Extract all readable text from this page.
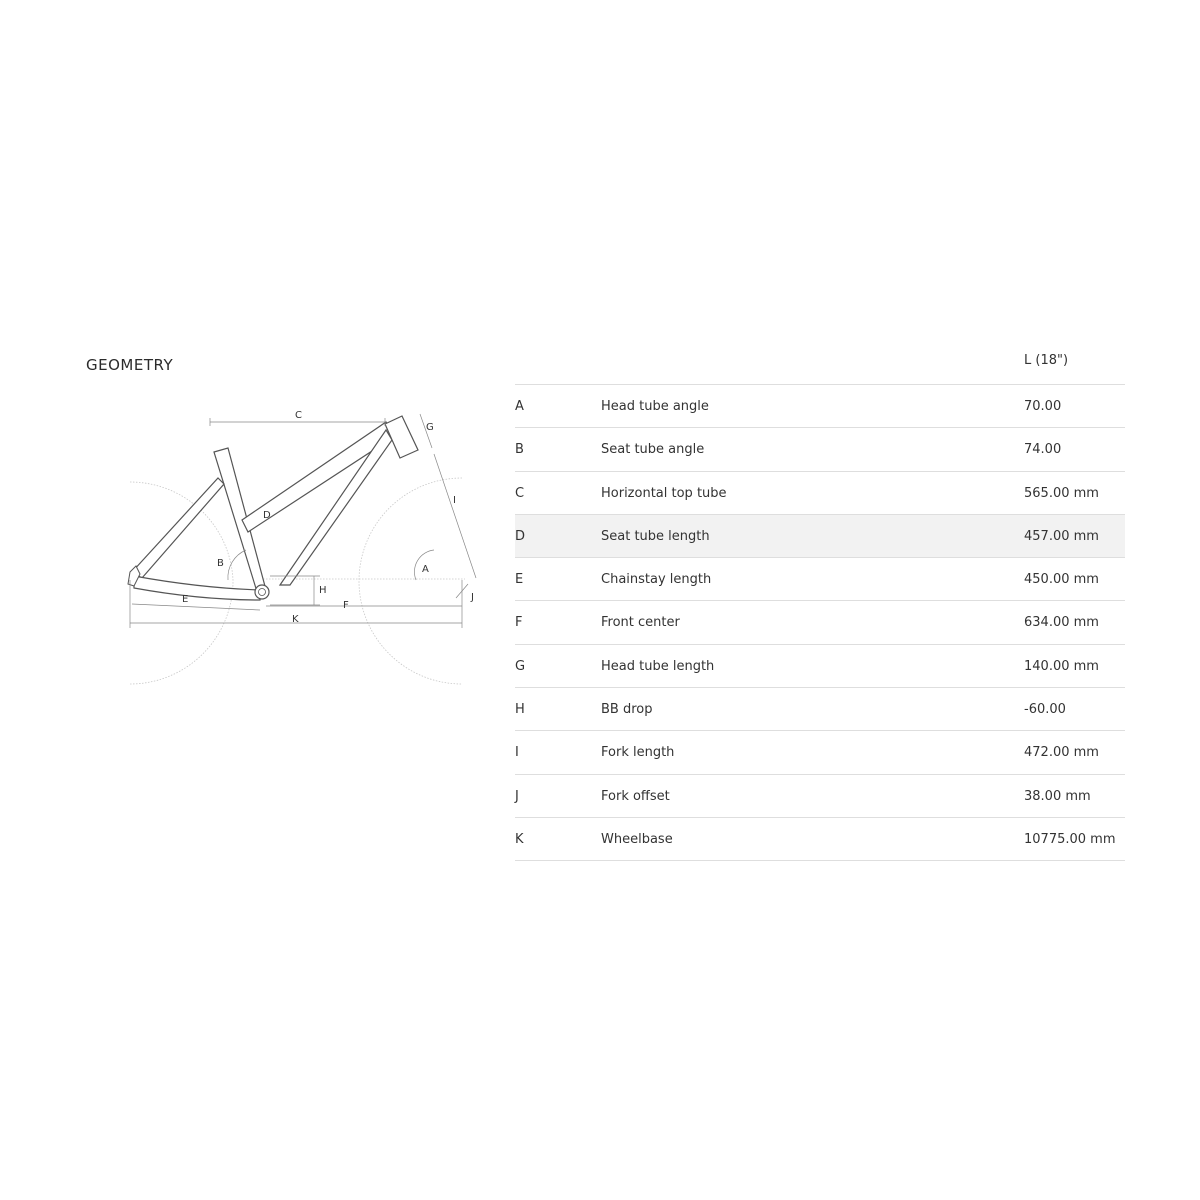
GEOMETRY
C
G
I
D
A
B
H
E
F
K
J
L (18")
A	Head tube angle	70.00
B	Seat tube angle	74.00
C	Horizontal top tube	565.00 mm
D	Seat tube length	457.00 mm
E	Chainstay length	450.00 mm
F	Front center	634.00 mm
G	Head tube length	140.00 mm
H	BB drop	-60.00
I	Fork length	472.00 mm
J	Fork offset	38.00 mm
K	Wheelbase	10775.00 mm
